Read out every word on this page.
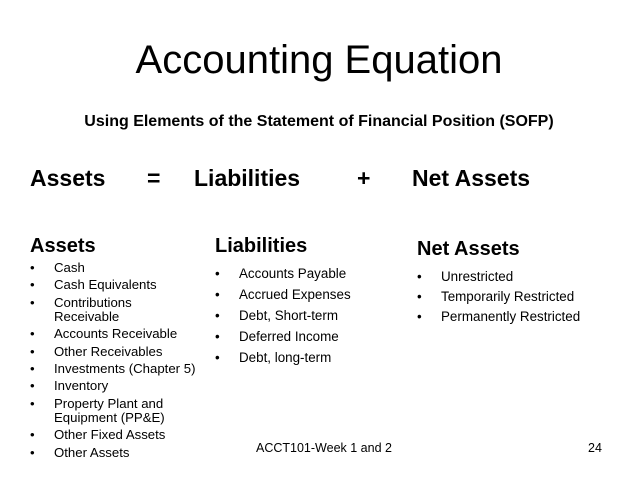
Accounting Equation
Using Elements of the Statement of Financial Position (SOFP)
Assets = Liabilities + Net Assets
Assets
• Cash
• Cash Equivalents
• Contributions
Receivable
• Accounts Receivable
• Other Receivables
• Investments (Chapter 5)
• Inventory
• Property Plant and
Equipment (PP&E)
• Other Fixed Assets
• Other Assets
Liabilities
• Accounts Payable
• Accrued Expenses
• Debt, Short-term
• Deferred Income
• Debt, long-term
Net Assets
• Unrestricted
• Temporarily Restricted
• Permanently Restricted
ACCT101-Week 1 and 2	24
